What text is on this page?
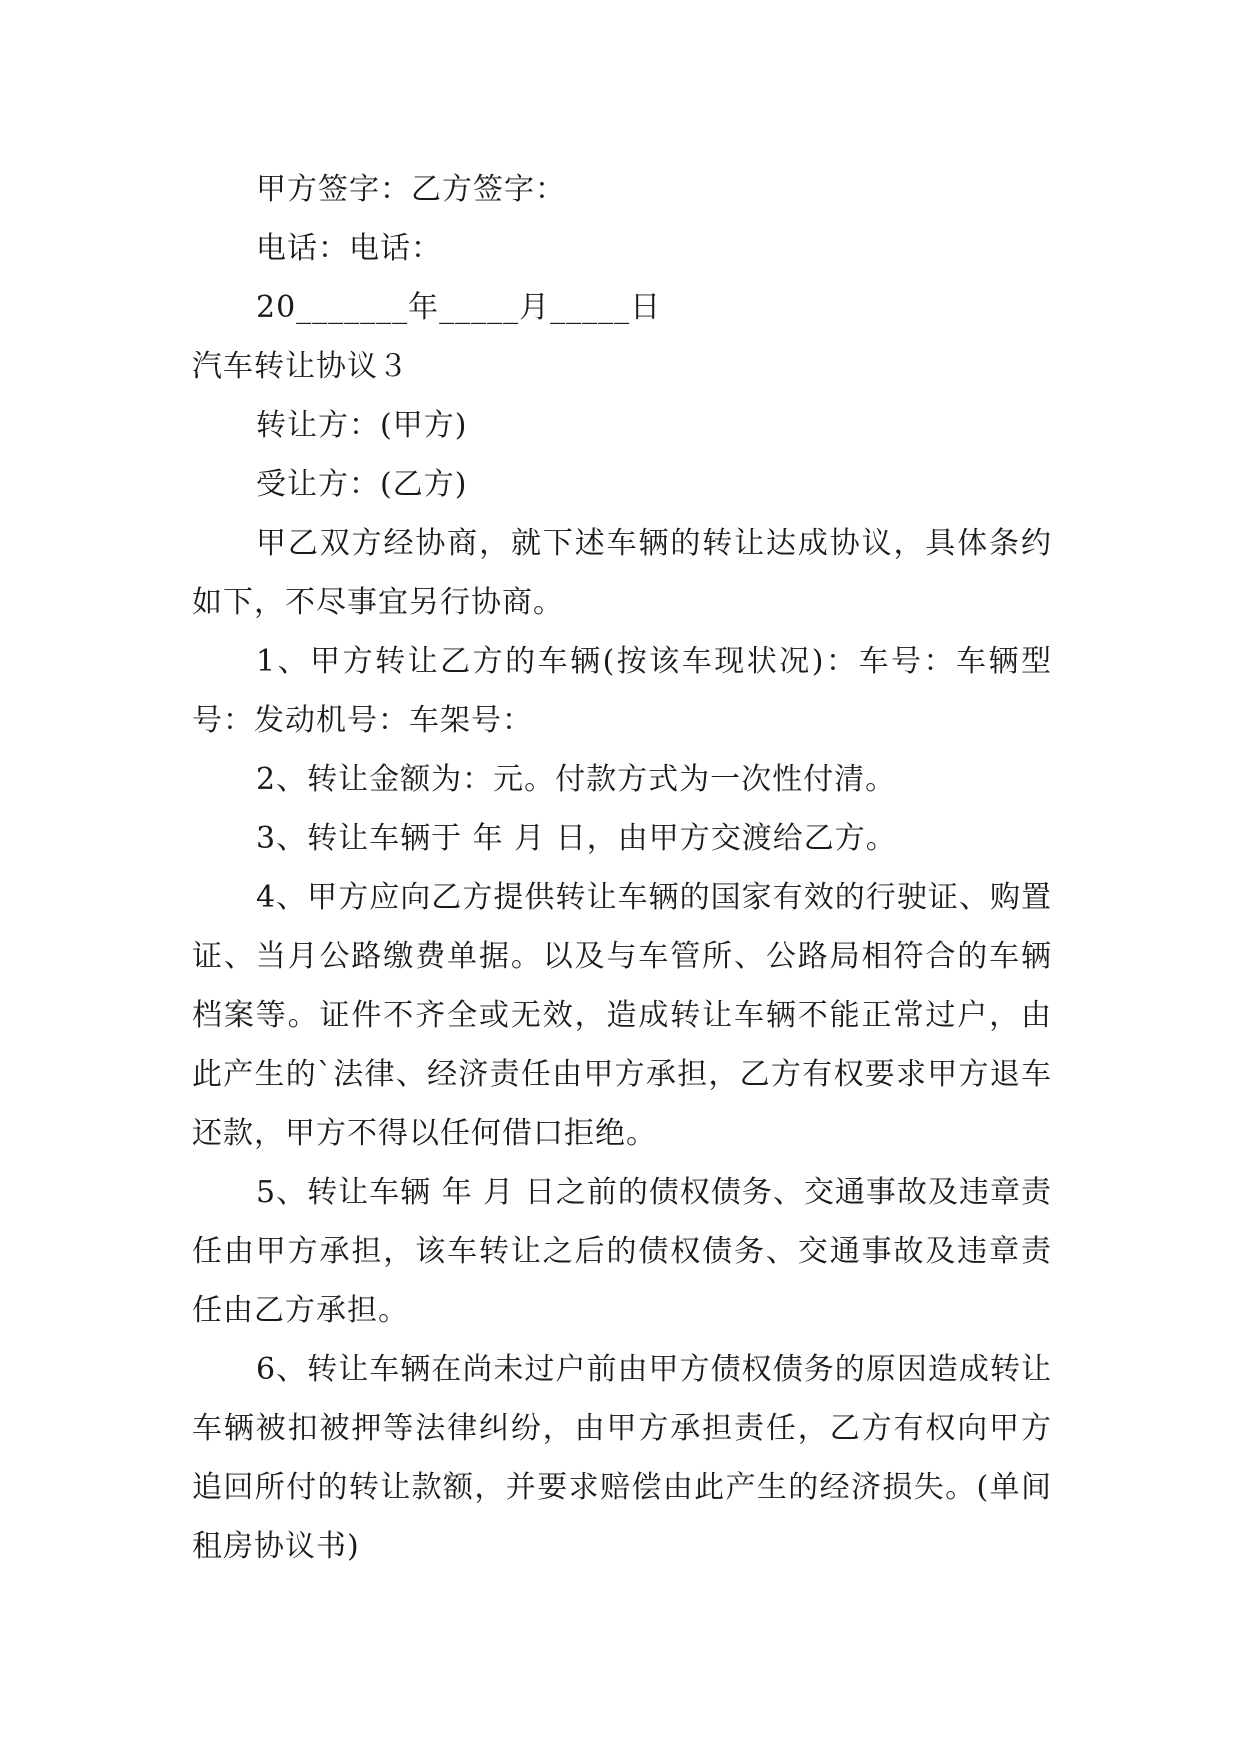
甲方签字：乙方签字：
电话：电话：
20_______年_____月_____日
汽车转让协议３
转让方：(甲方)
受让方：(乙方)

甲乙双方经协商，就下述车辆的转让达成协议，具体条约如下，不尽事宜另行协商。

1、甲方转让乙方的车辆(按该车现状况)：车号：车辆型号：发动机号：车架号：

2、转让金额为：元。付款方式为一次性付清。

3、转让车辆于 年 月 日，由甲方交渡给乙方。

4、甲方应向乙方提供转让车辆的国家有效的行驶证、购置证、当月公路缴费单据。以及与车管所、公路局相符合的车辆档案等。证件不齐全或无效，造成转让车辆不能正常过户，由此产生的`法律、经济责任由甲方承担，乙方有权要求甲方退车还款，甲方不得以任何借口拒绝。

5、转让车辆 年 月 日之前的债权债务、交通事故及违章责任由甲方承担，该车转让之后的债权债务、交通事故及违章责任由乙方承担。

6、转让车辆在尚未过户前由甲方债权债务的原因造成转让车辆被扣被押等法律纠纷，由甲方承担责任，乙方有权向甲方追回所付的转让款额，并要求赔偿由此产生的经济损失。(单间租房协议书)
